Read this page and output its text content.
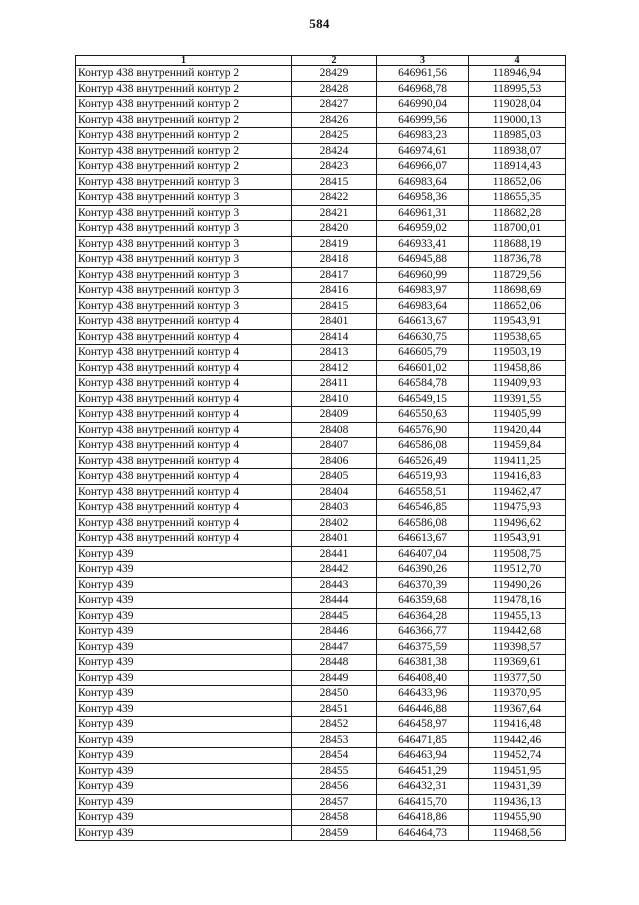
584
1	2	3	4
Контур 438 внутренний контур 2	28429	646961,56	118946,94
Контур 438 внутренний контур 2	28428	646968,78	118995,53
Контур 438 внутренний контур 2	28427	646990,04	119028,04
Контур 438 внутренний контур 2	28426	646999,56	119000,13
Контур 438 внутренний контур 2	28425	646983,23	118985,03
Контур 438 внутренний контур 2	28424	646974,61	118938,07
Контур 438 внутренний контур 2	28423	646966,07	118914,43
Контур 438 внутренний контур 3	28415	646983,64	118652,06
Контур 438 внутренний контур 3	28422	646958,36	118655,35
Контур 438 внутренний контур 3	28421	646961,31	118682,28
Контур 438 внутренний контур 3	28420	646959,02	118700,01
Контур 438 внутренний контур 3	28419	646933,41	118688,19
Контур 438 внутренний контур 3	28418	646945,88	118736,78
Контур 438 внутренний контур 3	28417	646960,99	118729,56
Контур 438 внутренний контур 3	28416	646983,97	118698,69
Контур 438 внутренний контур 3	28415	646983,64	118652,06
Контур 438 внутренний контур 4	28401	646613,67	119543,91
Контур 438 внутренний контур 4	28414	646630,75	119538,65
Контур 438 внутренний контур 4	28413	646605,79	119503,19
Контур 438 внутренний контур 4	28412	646601,02	119458,86
Контур 438 внутренний контур 4	28411	646584,78	119409,93
Контур 438 внутренний контур 4	28410	646549,15	119391,55
Контур 438 внутренний контур 4	28409	646550,63	119405,99
Контур 438 внутренний контур 4	28408	646576,90	119420,44
Контур 438 внутренний контур 4	28407	646586,08	119459,84
Контур 438 внутренний контур 4	28406	646526,49	119411,25
Контур 438 внутренний контур 4	28405	646519,93	119416,83
Контур 438 внутренний контур 4	28404	646558,51	119462,47
Контур 438 внутренний контур 4	28403	646546,85	119475,93
Контур 438 внутренний контур 4	28402	646586,08	119496,62
Контур 438 внутренний контур 4	28401	646613,67	119543,91
Контур 439	28441	646407,04	119508,75
Контур 439	28442	646390,26	119512,70
Контур 439	28443	646370,39	119490,26
Контур 439	28444	646359,68	119478,16
Контур 439	28445	646364,28	119455,13
Контур 439	28446	646366,77	119442,68
Контур 439	28447	646375,59	119398,57
Контур 439	28448	646381,38	119369,61
Контур 439	28449	646408,40	119377,50
Контур 439	28450	646433,96	119370,95
Контур 439	28451	646446,88	119367,64
Контур 439	28452	646458,97	119416,48
Контур 439	28453	646471,85	119442,46
Контур 439	28454	646463,94	119452,74
Контур 439	28455	646451,29	119451,95
Контур 439	28456	646432,31	119431,39
Контур 439	28457	646415,70	119436,13
Контур 439	28458	646418,86	119455,90
Контур 439	28459	646464,73	119468,56
